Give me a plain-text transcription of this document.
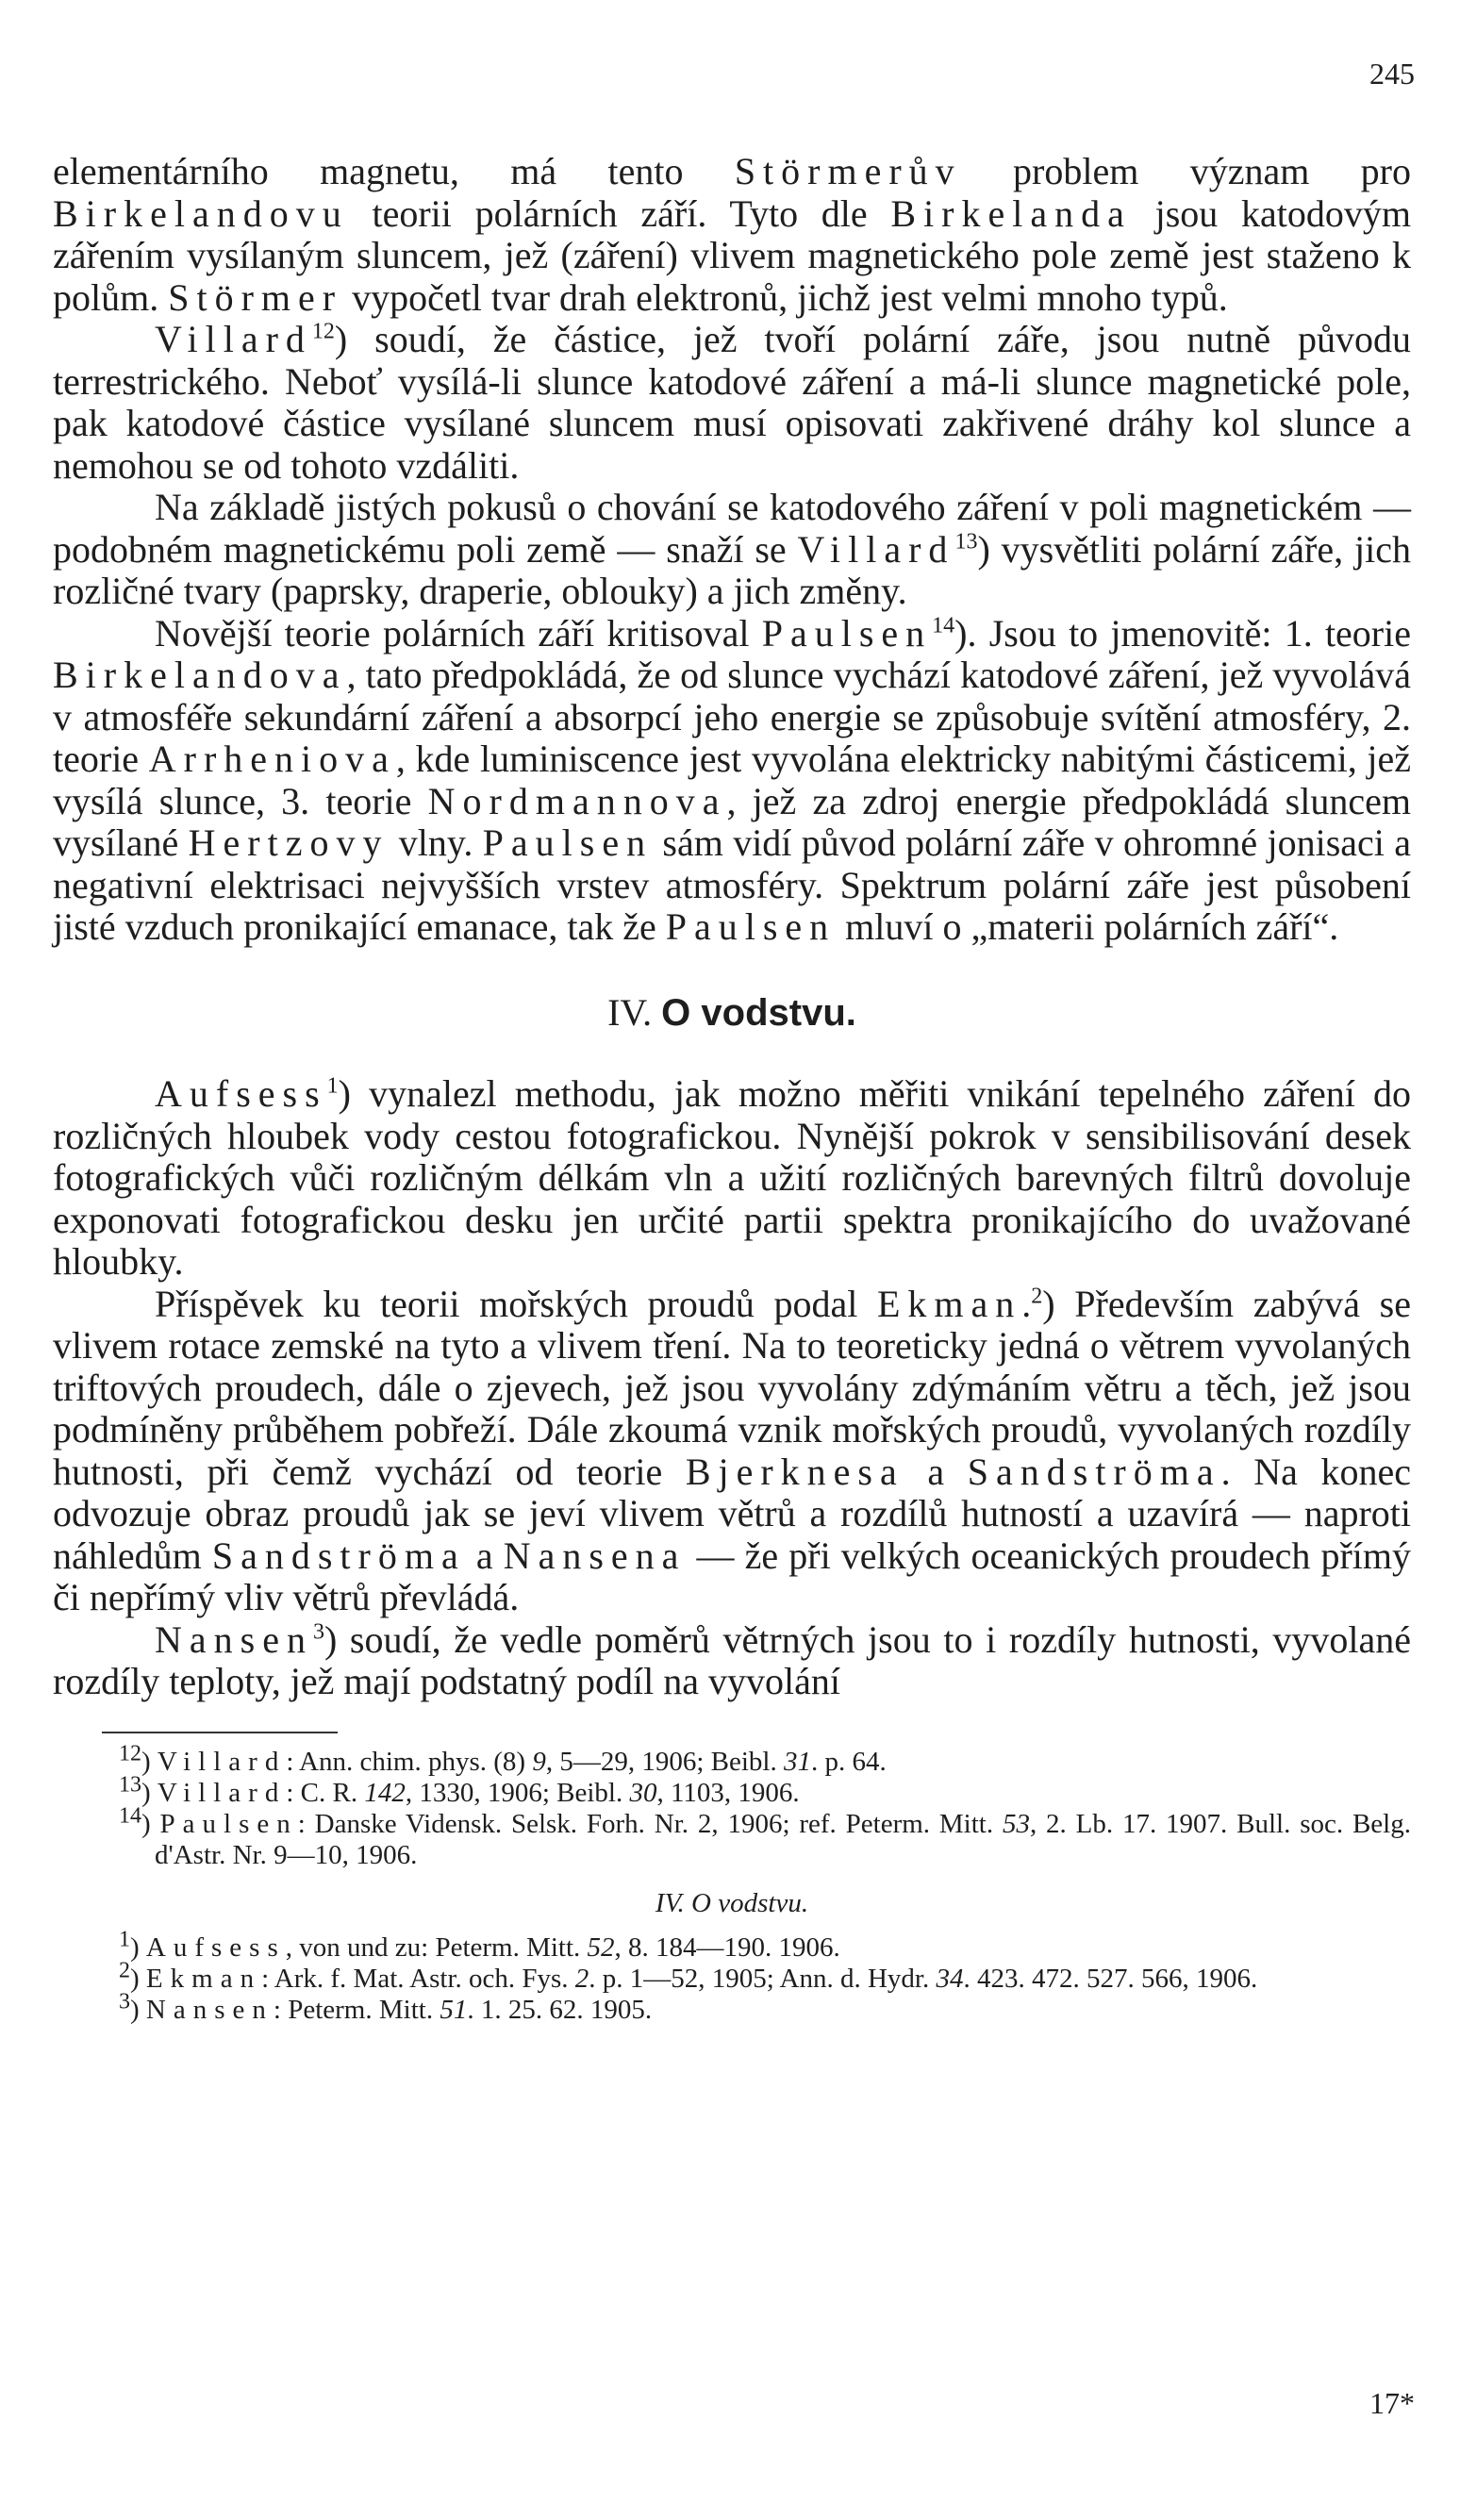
245

elementárního magnetu, má tento Störmerův problem význam pro Birkelandovu teorii polárních září. Tyto dle Birkelanda jsou katodovým zářením vysílaným sluncem, jež (záření) vlivem magnetického pole země jest staženo k polům. Störmer vypočetl tvar drah elektronů, jichž jest velmi mnoho typů.

Villard$^{12}$) soudí, že částice, jež tvoří polární záře, jsou nutně původu terrestrického. Neboť vysílá-li slunce katodové záření a má-li slunce magnetické pole, pak katodové částice vysílané sluncem musí opisovati zakřivené dráhy kol slunce a nemohou se od tohoto vzdáliti.

Na základě jistých pokusů o chování se katodového záření v poli magnetickém — podobném magnetickému poli země — snaží se Villard$^{13}$) vysvětliti polární záře, jich rozličné tvary (paprsky, draperie, oblouky) a jich změny.

Novější teorie polárních září kritisoval Paulsen$^{14}$). Jsou to jmenovitě: 1. teorie Birkelandova, tato předpokládá, že od slunce vychází katodové záření, jež vyvolává v atmosféře sekundární záření a absorpcí jeho energie se způsobuje svítění atmosféry, 2. teorie Arrheniova, kde luminiscence jest vyvolána elektricky nabitými částicemi, jež vysílá slunce, 3. teorie Nordmannova, jež za zdroj energie předpokládá sluncem vysílané Hertzovy vlny. Paulsen sám vidí původ polární záře v ohromné jonisaci a negativní elektrisaci nejvyšších vrstev atmosféry. Spektrum polární záře jest působení jisté vzduch pronikající emanace, tak že Paulsen mluví o „materii polárních září“.

IV. O vodstvu.

Aufsess$^1$) vynalezl methodu, jak možno měřiti vnikání tepelného záření do rozličných hloubek vody cestou fotografickou. Nynější pokrok v sensibilisování desek fotografických vůči rozličným délkám vln a užití rozličných barevných filtrů dovoluje exponovati fotografickou desku jen určité partii spektra pronikajícího do uvažované hloubky.

Příspěvek ku teorii mořských proudů podal Ekman.$^2$) Především zabývá se vlivem rotace zemské na tyto a vlivem tření. Na to teoreticky jedná o větrem vyvolaných triftových proudech, dále o zjevech, jež jsou vyvolány zdýmáním větru a těch, jež jsou podmíněny průběhem pobřeží. Dále zkoumá vznik mořských proudů, vyvolaných rozdíly hutnosti, při čemž vychází od teorie Bjerknesa a Sandströma. Na konec odvozuje obraz proudů jak se jeví vlivem větrů a rozdílů hutností a uzavírá — naproti náhledům Sandströma a Nansena — že při velkých oceanických proudech přímý či nepřímý vliv větrů převládá.

Nansen$^3$) soudí, že vedle poměrů větrných jsou to i rozdíly hutnosti, vyvolané rozdíly teploty, jež mají podstatný podíl na vyvolání

$^{12}$) Villard: Ann. chim. phys. (8) 9, 5—29, 1906; Beibl. 31. p. 64.

$^{13}$) Villard: C. R. 142, 1330, 1906; Beibl. 30, 1103, 1906.

$^{14}$) Paulsen: Danske Vidensk. Selsk. Forh. Nr. 2, 1906; ref. Peterm. Mitt. 53, 2. Lb. 17. 1907. Bull. soc. Belg. d'Astr. Nr. 9—10, 1906.

IV. O vodstvu.

$^1$) Aufsess, von und zu: Peterm. Mitt. 52, 8. 184—190. 1906.

$^2$) Ekman: Ark. f. Mat. Astr. och. Fys. 2. p. 1—52, 1905; Ann. d. Hydr. 34. 423. 472. 527. 566, 1906.

$^3$) Nansen: Peterm. Mitt. 51. 1. 25. 62. 1905.

17*
